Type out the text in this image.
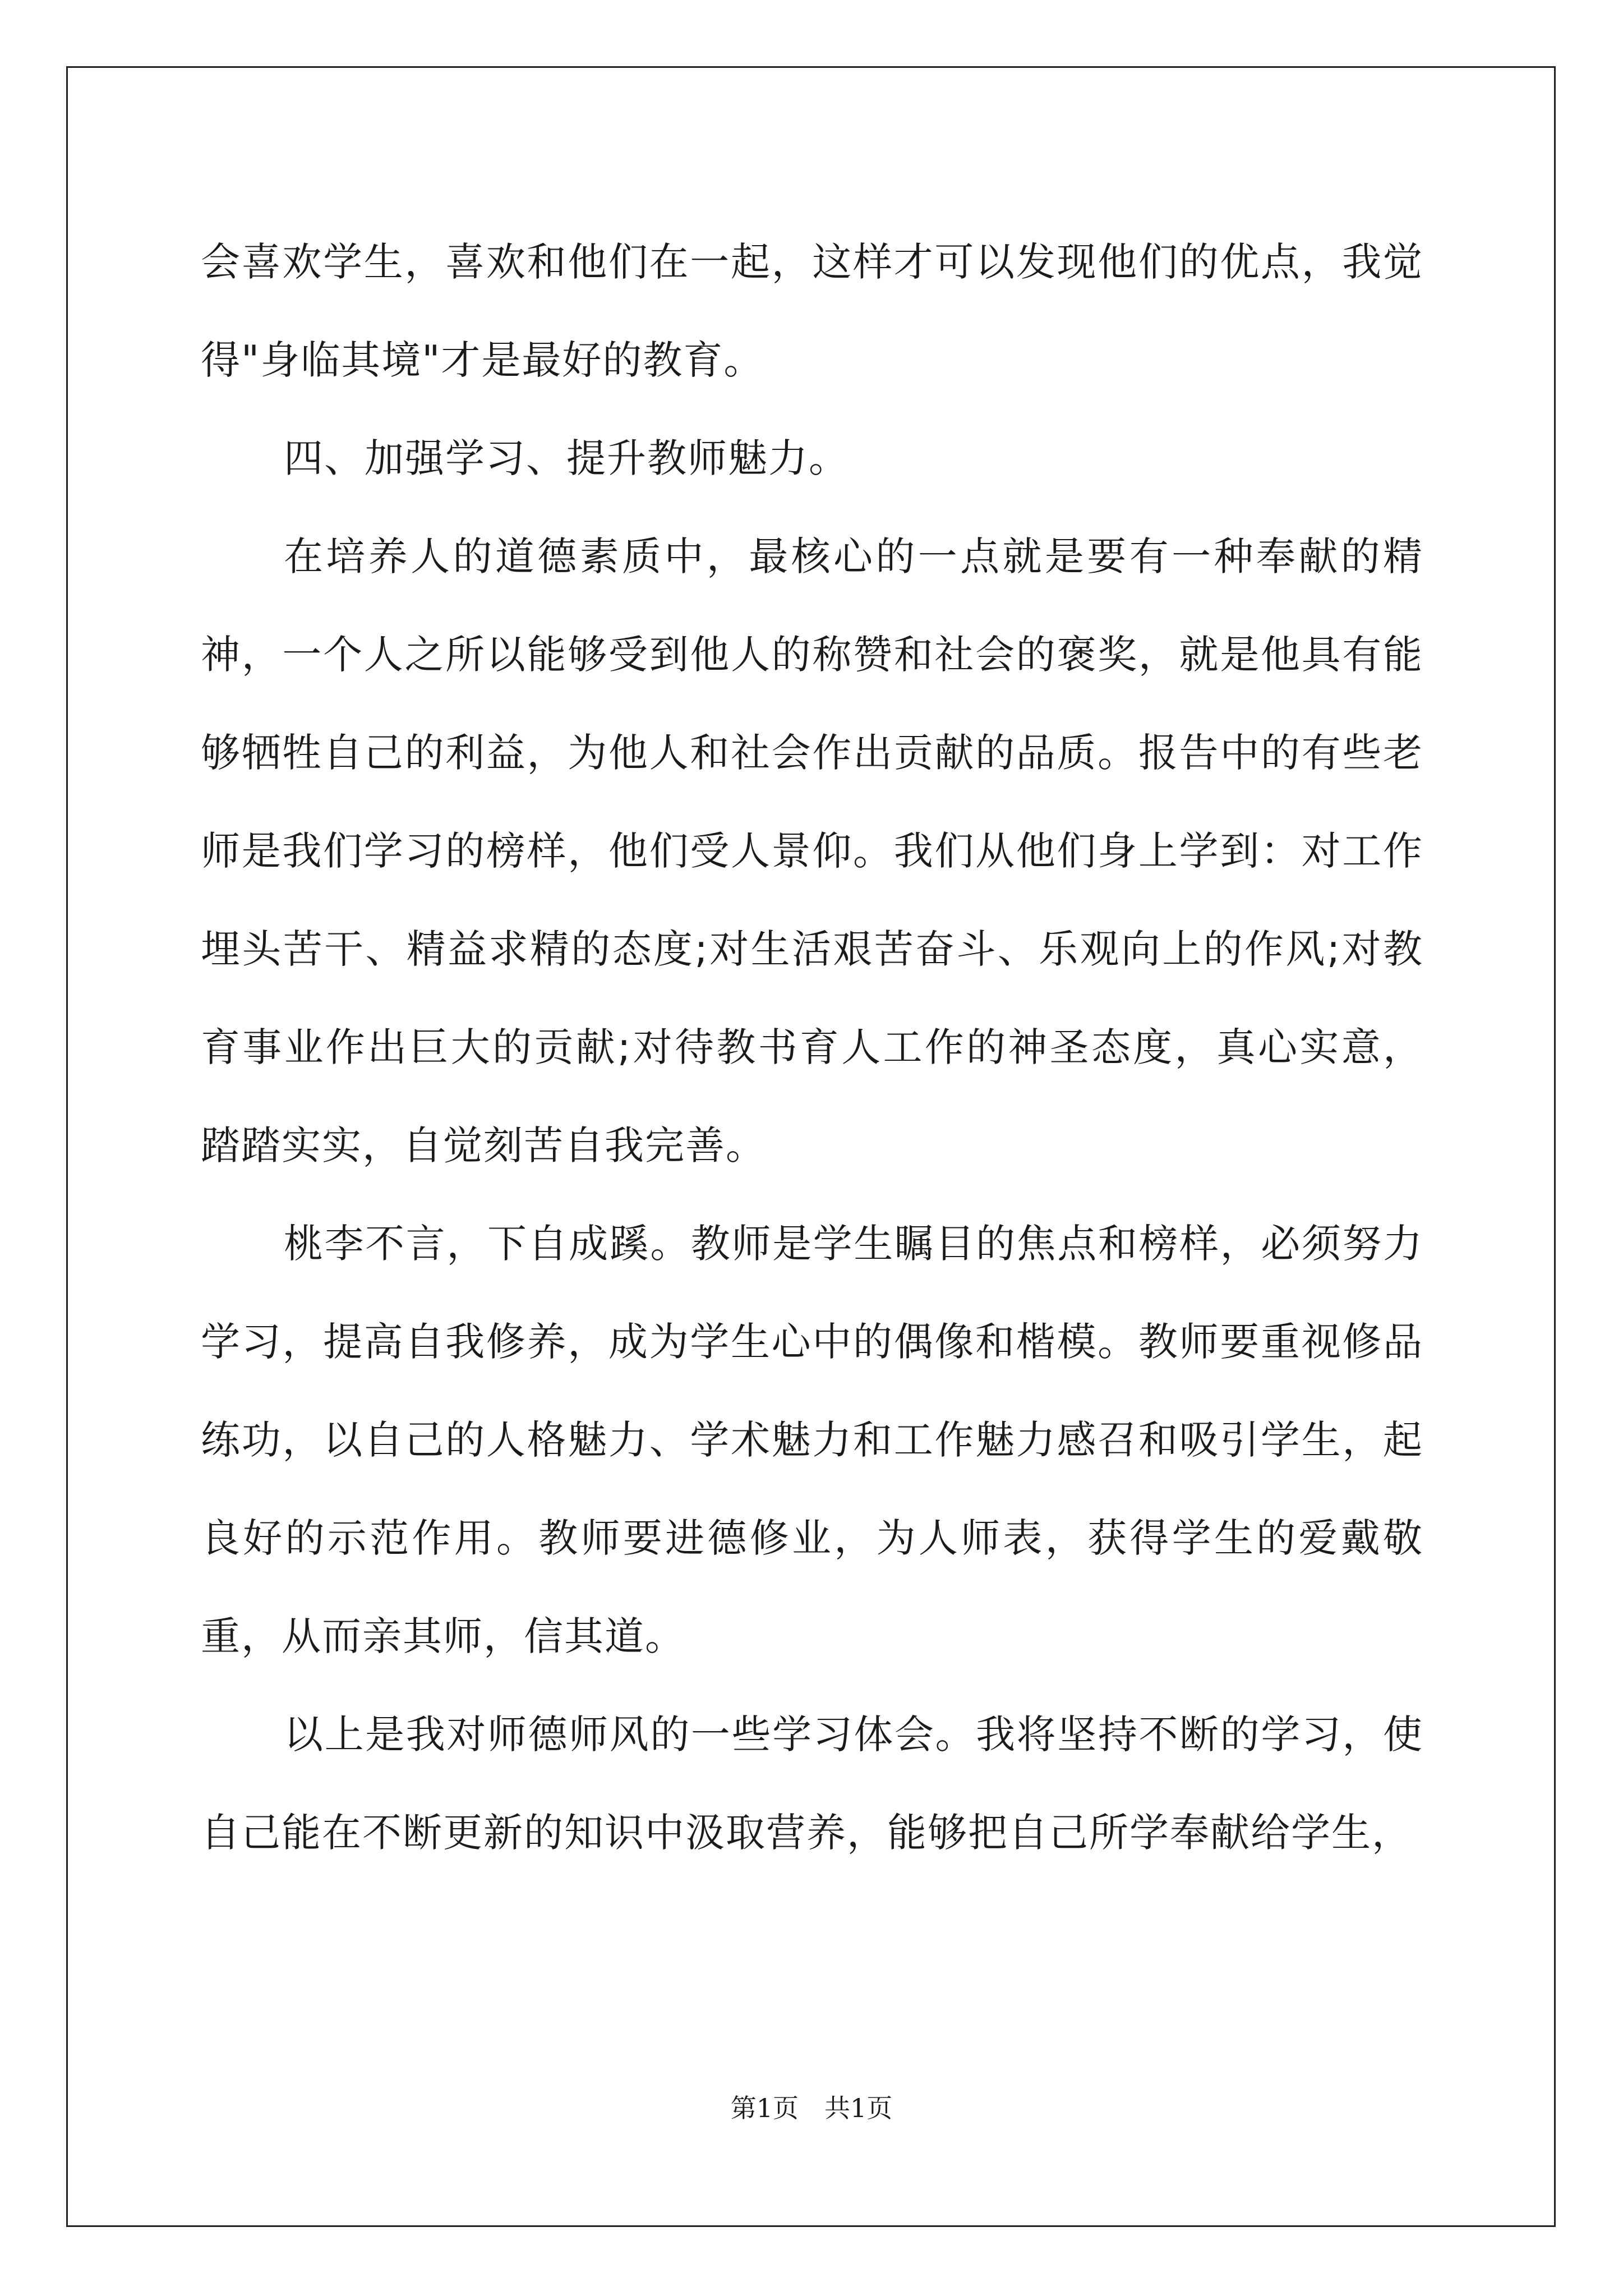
会喜欢学生，喜欢和他们在一起，这样才可以发现他们的优点，我觉得"身临其境"才是最好的教育。

四、加强学习、提升教师魅力。

在培养人的道德素质中，最核心的一点就是要有一种奉献的精神，一个人之所以能够受到他人的称赞和社会的褒奖，就是他具有能够牺牲自己的利益，为他人和社会作出贡献的品质。报告中的有些老师是我们学习的榜样，他们受人景仰。我们从他们身上学到：对工作埋头苦干、精益求精的态度;对生活艰苦奋斗、乐观向上的作风;对教育事业作出巨大的贡献;对待教书育人工作的神圣态度，真心实意，踏踏实实，自觉刻苦自我完善。

桃李不言，下自成蹊。教师是学生瞩目的焦点和榜样，必须努力学习，提高自我修养，成为学生心中的偶像和楷模。教师要重视修品练功，以自己的人格魅力、学术魅力和工作魅力感召和吸引学生，起良好的示范作用。教师要进德修业，为人师表，获得学生的爱戴敬重，从而亲其师，信其道。

以上是我对师德师风的一些学习体会。我将坚持不断的学习，使自己能在不断更新的知识中汲取营养，能够把自己所学奉献给学生，

第1页　共1页
